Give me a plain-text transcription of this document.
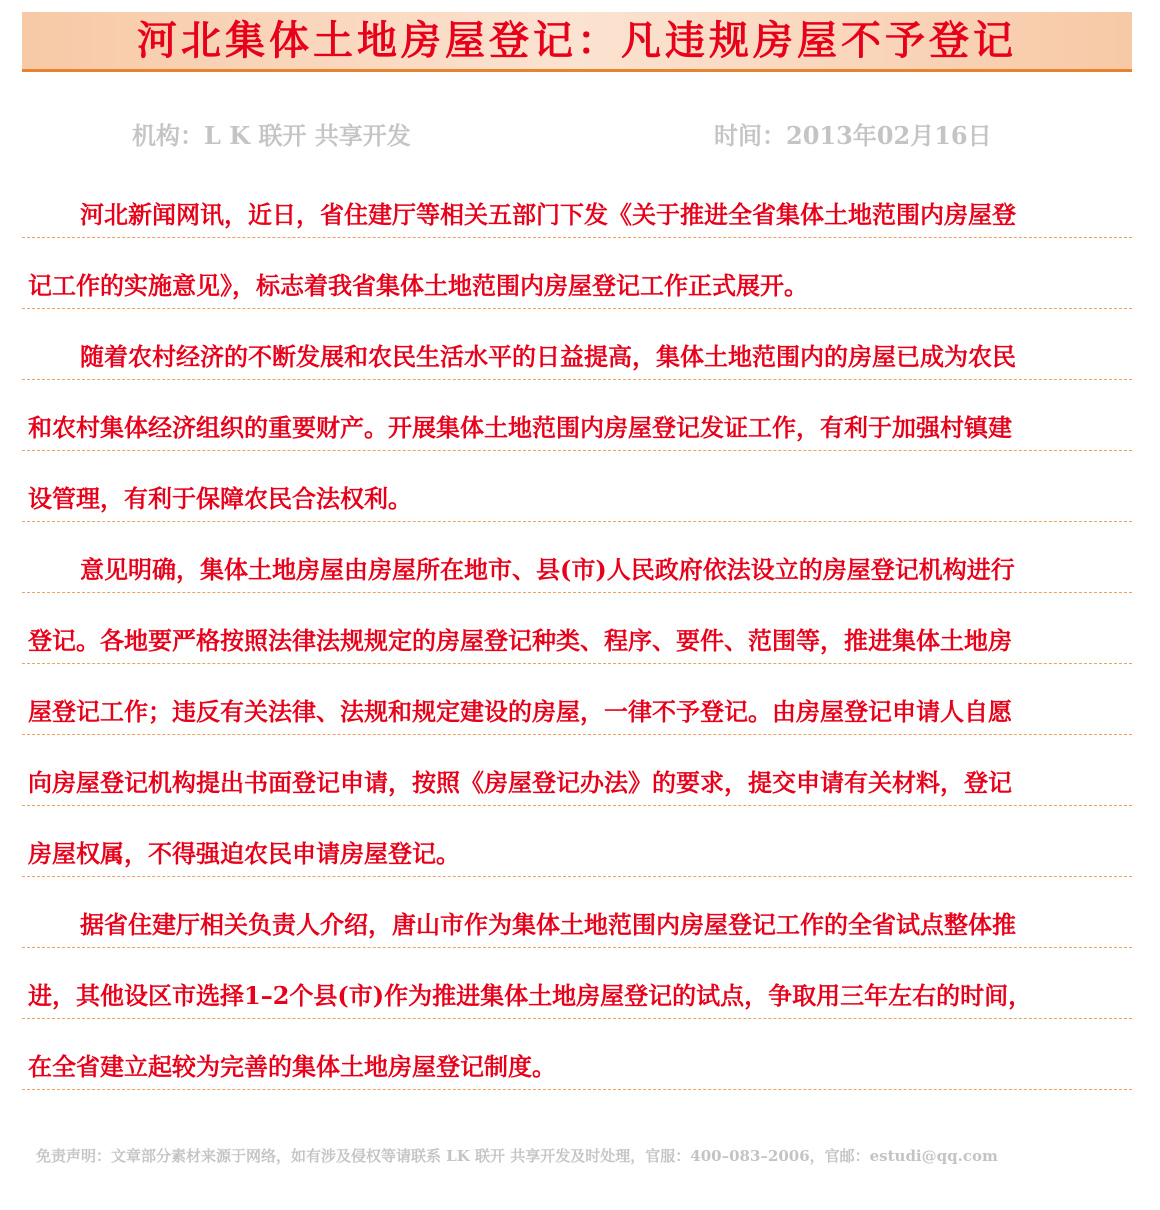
河北集体土地房屋登记：凡违规房屋不予登记
机构：L K 联开 共享开发	时间：2013年02月16日
河北新闻网讯，近日，省住建厅等相关五部门下发《关于推进全省集体土地范围内房屋登
记工作的实施意见》，标志着我省集体土地范围内房屋登记工作正式展开。
随着农村经济的不断发展和农民生活水平的日益提高，集体土地范围内的房屋已成为农民
和农村集体经济组织的重要财产。开展集体土地范围内房屋登记发证工作，有利于加强村镇建
设管理，有利于保障农民合法权利。
意见明确，集体土地房屋由房屋所在地市、县(市)人民政府依法设立的房屋登记机构进行
登记。各地要严格按照法律法规规定的房屋登记种类、程序、要件、范围等，推进集体土地房
屋登记工作；违反有关法律、法规和规定建设的房屋，一律不予登记。由房屋登记申请人自愿
向房屋登记机构提出书面登记申请，按照《房屋登记办法》的要求，提交申请有关材料，登记
房屋权属，不得强迫农民申请房屋登记。
据省住建厅相关负责人介绍，唐山市作为集体土地范围内房屋登记工作的全省试点整体推
进，其他设区市选择1–2个县(市)作为推进集体土地房屋登记的试点，争取用三年左右的时间，
在全省建立起较为完善的集体土地房屋登记制度。
免责声明：文章部分素材来源于网络，如有涉及侵权等请联系 LK 联开 共享开发及时处理，官服：400–083–2006，官邮：estudi@qq.com
